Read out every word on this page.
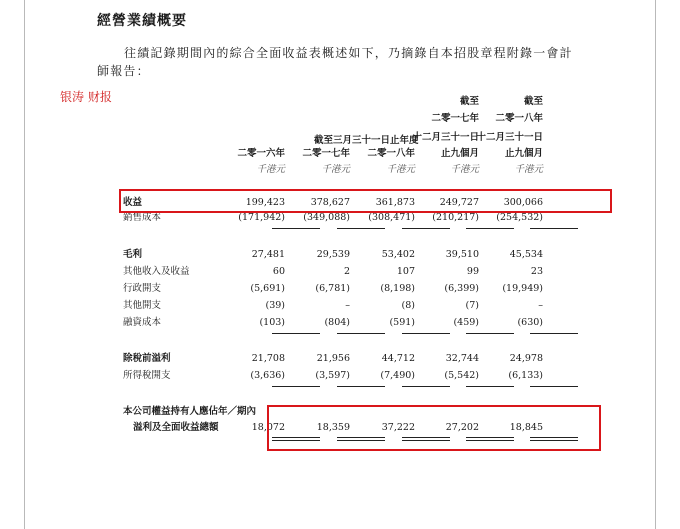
經營業績概要
往績記錄期間內的綜合全面收益表概述如下，乃摘錄自本招股章程附錄一會計
師報告：
银涛 财报	截至	截至
二零一七年	二零一八年
截至三月三十一日止年度
十二月三十一日
十二月三十一日
二零一六年	二零一七年	二零一八年	止九個月	止九個月
千港元	千港元	千港元	千港元	千港元
收益	199,423	378,627	361,873	249,727	300,066
銷售成本	(171,942)	(349,088)	(308,471)	(210,217)	(254,532)
毛利	27,481	29,539	53,402	39,510	45,534
其他收入及收益	60	2	107	99	23
行政開支	(5,691)	(6,781)	(8,198)	(6,399)	(19,949)
其他開支	(39)	–	(8)	(7)	–
融資成本	(103)	(804)	(591)	(459)	(630)
除稅前溢利	21,708	21,956	44,712	32,744	24,978
所得稅開支	(3,636)	(3,597)	(7,490)	(5,542)	(6,133)
本公司權益持有人應佔年／期內
溢利及全面收益總額	18,072	18,359	37,222	27,202	18,845
